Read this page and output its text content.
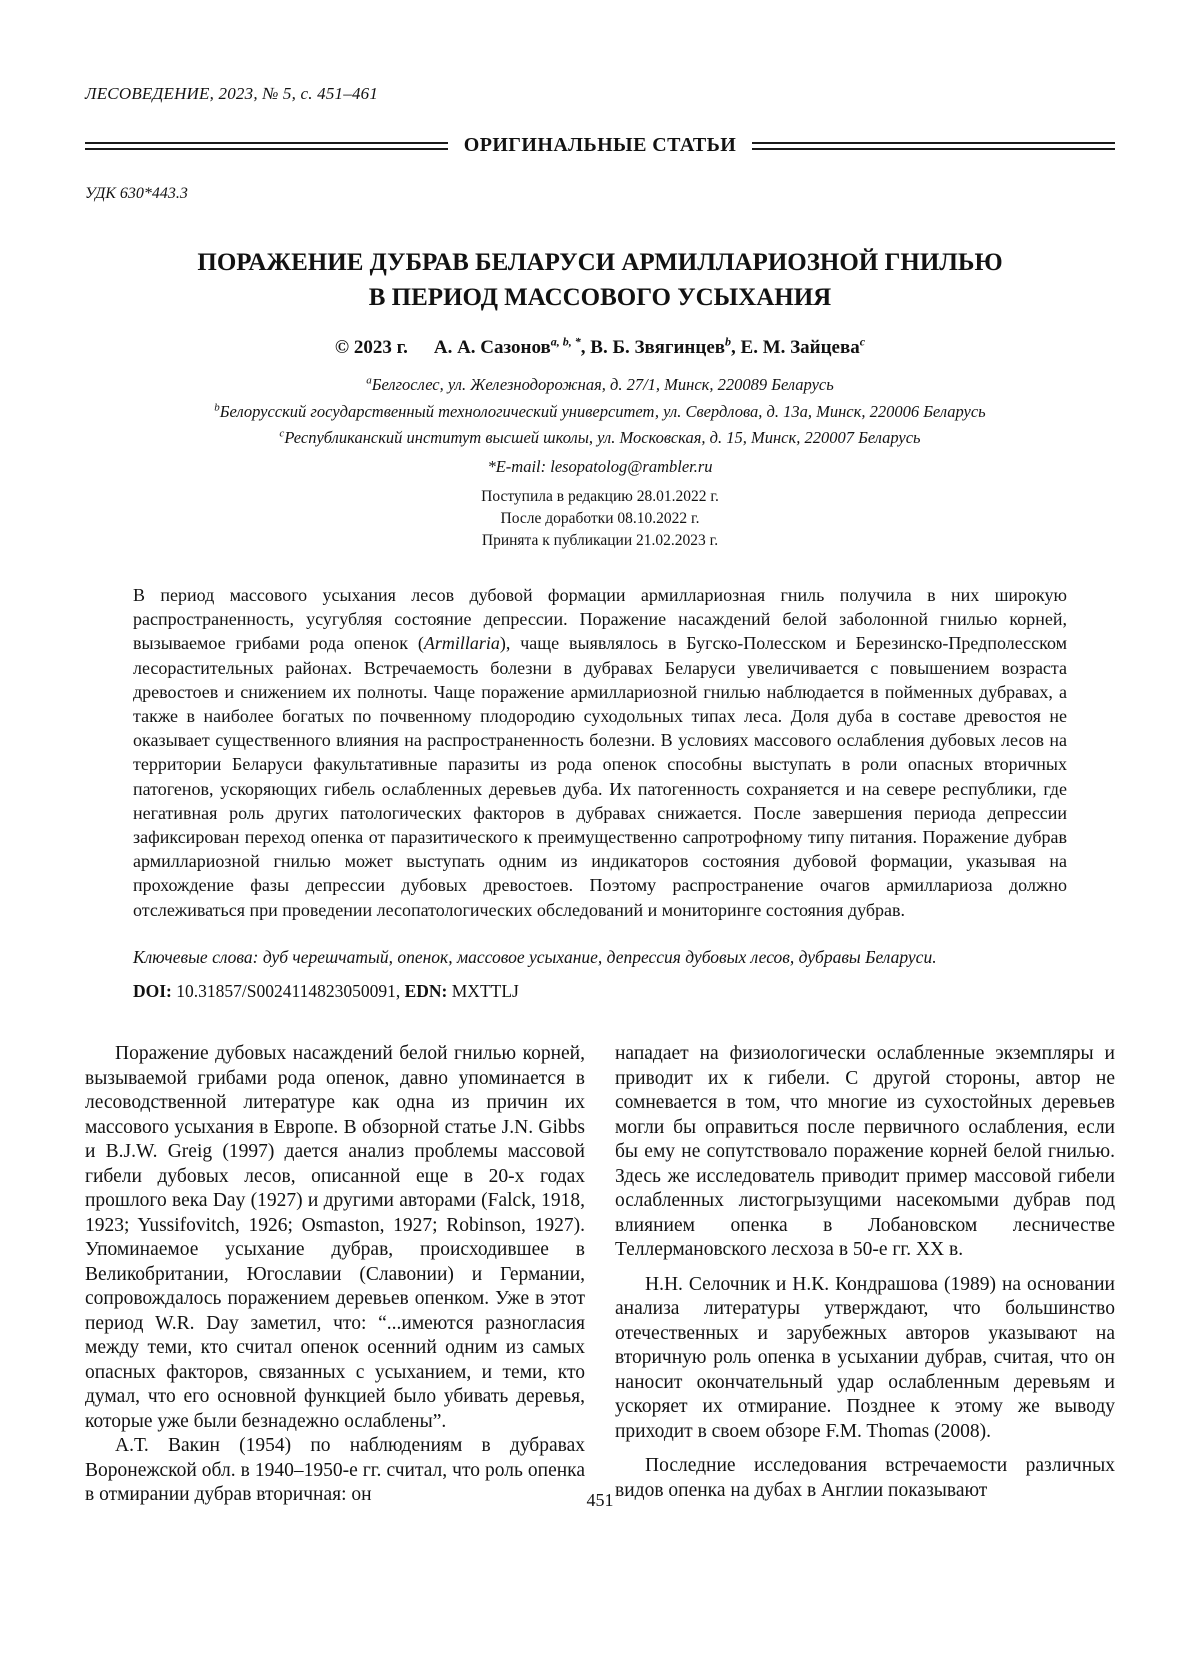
ЛЕСОВЕДЕНИЕ, 2023, № 5, с. 451–461
ОРИГИНАЛЬНЫЕ СТАТЬИ
УДК 630*443.3
ПОРАЖЕНИЕ ДУБРАВ БЕЛАРУСИ АРМИЛЛАРИОЗНОЙ ГНИЛЬЮ
В ПЕРИОД МАССОВОГО УСЫХАНИЯ
© 2023 г. А. А. Сазонов$^{a, b, *}$, В. Б. Звягинцев$^b$, Е. М. Зайцева$^c$
$^a$Белгослес, ул. Железнодорожная, д. 27/1, Минск, 220089 Беларусь
$^b$Белорусский государственный технологический университет, ул. Свердлова, д. 13а, Минск, 220006 Беларусь
$^c$Республиканский институт высшей школы, ул. Московская, д. 15, Минск, 220007 Беларусь
*E-mail: lesopatolog@rambler.ru
Поступила в редакцию 28.01.2022 г.
После доработки 08.10.2022 г.
Принята к публикации 21.02.2023 г.

В период массового усыхания лесов дубовой формации армиллариозная гниль получила в них широкую распространенность, усугубляя состояние депрессии. Поражение насаждений белой заболонной гнилью корней, вызываемое грибами рода опенок (Armillaria), чаще выявлялось в Бугско-Полесском и Березинско-Предполесском лесорастительных районах. Встречаемость болезни в дубравах Беларуси увеличивается с повышением возраста древостоев и снижением их полноты. Чаще поражение армиллариозной гнилью наблюдается в пойменных дубравах, а также в наиболее богатых по почвенному плодородию суходольных типах леса. Доля дуба в составе древостоя не оказывает существенного влияния на распространенность болезни. В условиях массового ослабления дубовых лесов на территории Беларуси факультативные паразиты из рода опенок способны выступать в роли опасных вторичных патогенов, ускоряющих гибель ослабленных деревьев дуба. Их патогенность сохраняется и на севере республики, где негативная роль других патологических факторов в дубравах снижается. После завершения периода депрессии зафиксирован переход опенка от паразитического к преимущественно сапротрофному типу питания. Поражение дубрав армиллариозной гнилью может выступать одним из индикаторов состояния дубовой формации, указывая на прохождение фазы депрессии дубовых древостоев. Поэтому распространение очагов армиллариоза должно отслеживаться при проведении лесопатологических обследований и мониторинге состояния дубрав.

Ключевые слова: дуб черешчатый, опенок, массовое усыхание, депрессия дубовых лесов, дубравы Беларуси.

DOI: 10.31857/S0024114823050091, EDN: MXTTLJ

Поражение дубовых насаждений белой гнилью корней, вызываемой грибами рода опенок, давно упоминается в лесоводственной литературе как одна из причин их массового усыхания в Европе. В обзорной статье J.N. Gibbs и B.J.W. Greig (1997) дается анализ проблемы массовой гибели дубовых лесов, описанной еще в 20-х годах прошлого века Day (1927) и другими авторами (Falck, 1918, 1923; Yussifovitch, 1926; Osmaston, 1927; Robinson, 1927). Упоминаемое усыхание дубрав, происходившее в Великобритании, Югославии (Славонии) и Германии, сопровождалось поражением деревьев опенком. Уже в этот период W.R. Day заметил, что: “...имеются разногласия между теми, кто считал опенок осенний одним из самых опасных факторов, связанных с усыханием, и теми, кто думал, что его основной функцией было убивать деревья, которые уже были безнадежно ослаблены”.

А.Т. Вакин (1954) по наблюдениям в дубравах Воронежской обл. в 1940–1950-е гг. считал, что роль опенка в отмирании дубрав вторичная: он

нападает на физиологически ослабленные экземпляры и приводит их к гибели. С другой стороны, автор не сомневается в том, что многие из сухостойных деревьев могли бы оправиться после первичного ослабления, если бы ему не сопутствовало поражение корней белой гнилью. Здесь же исследователь приводит пример массовой гибели ослабленных листогрызущими насекомыми дубрав под влиянием опенка в Лобановском лесничестве Теллермановского лесхоза в 50-е гг. XX в.

Н.Н. Селочник и Н.К. Кондрашова (1989) на основании анализа литературы утверждают, что большинство отечественных и зарубежных авторов указывают на вторичную роль опенка в усыхании дубрав, считая, что он наносит окончательный удар ослабленным деревьям и ускоряет их отмирание. Позднее к этому же выводу приходит в своем обзоре F.M. Thomas (2008).

Последние исследования встречаемости различных видов опенка на дубах в Англии показывают

451
